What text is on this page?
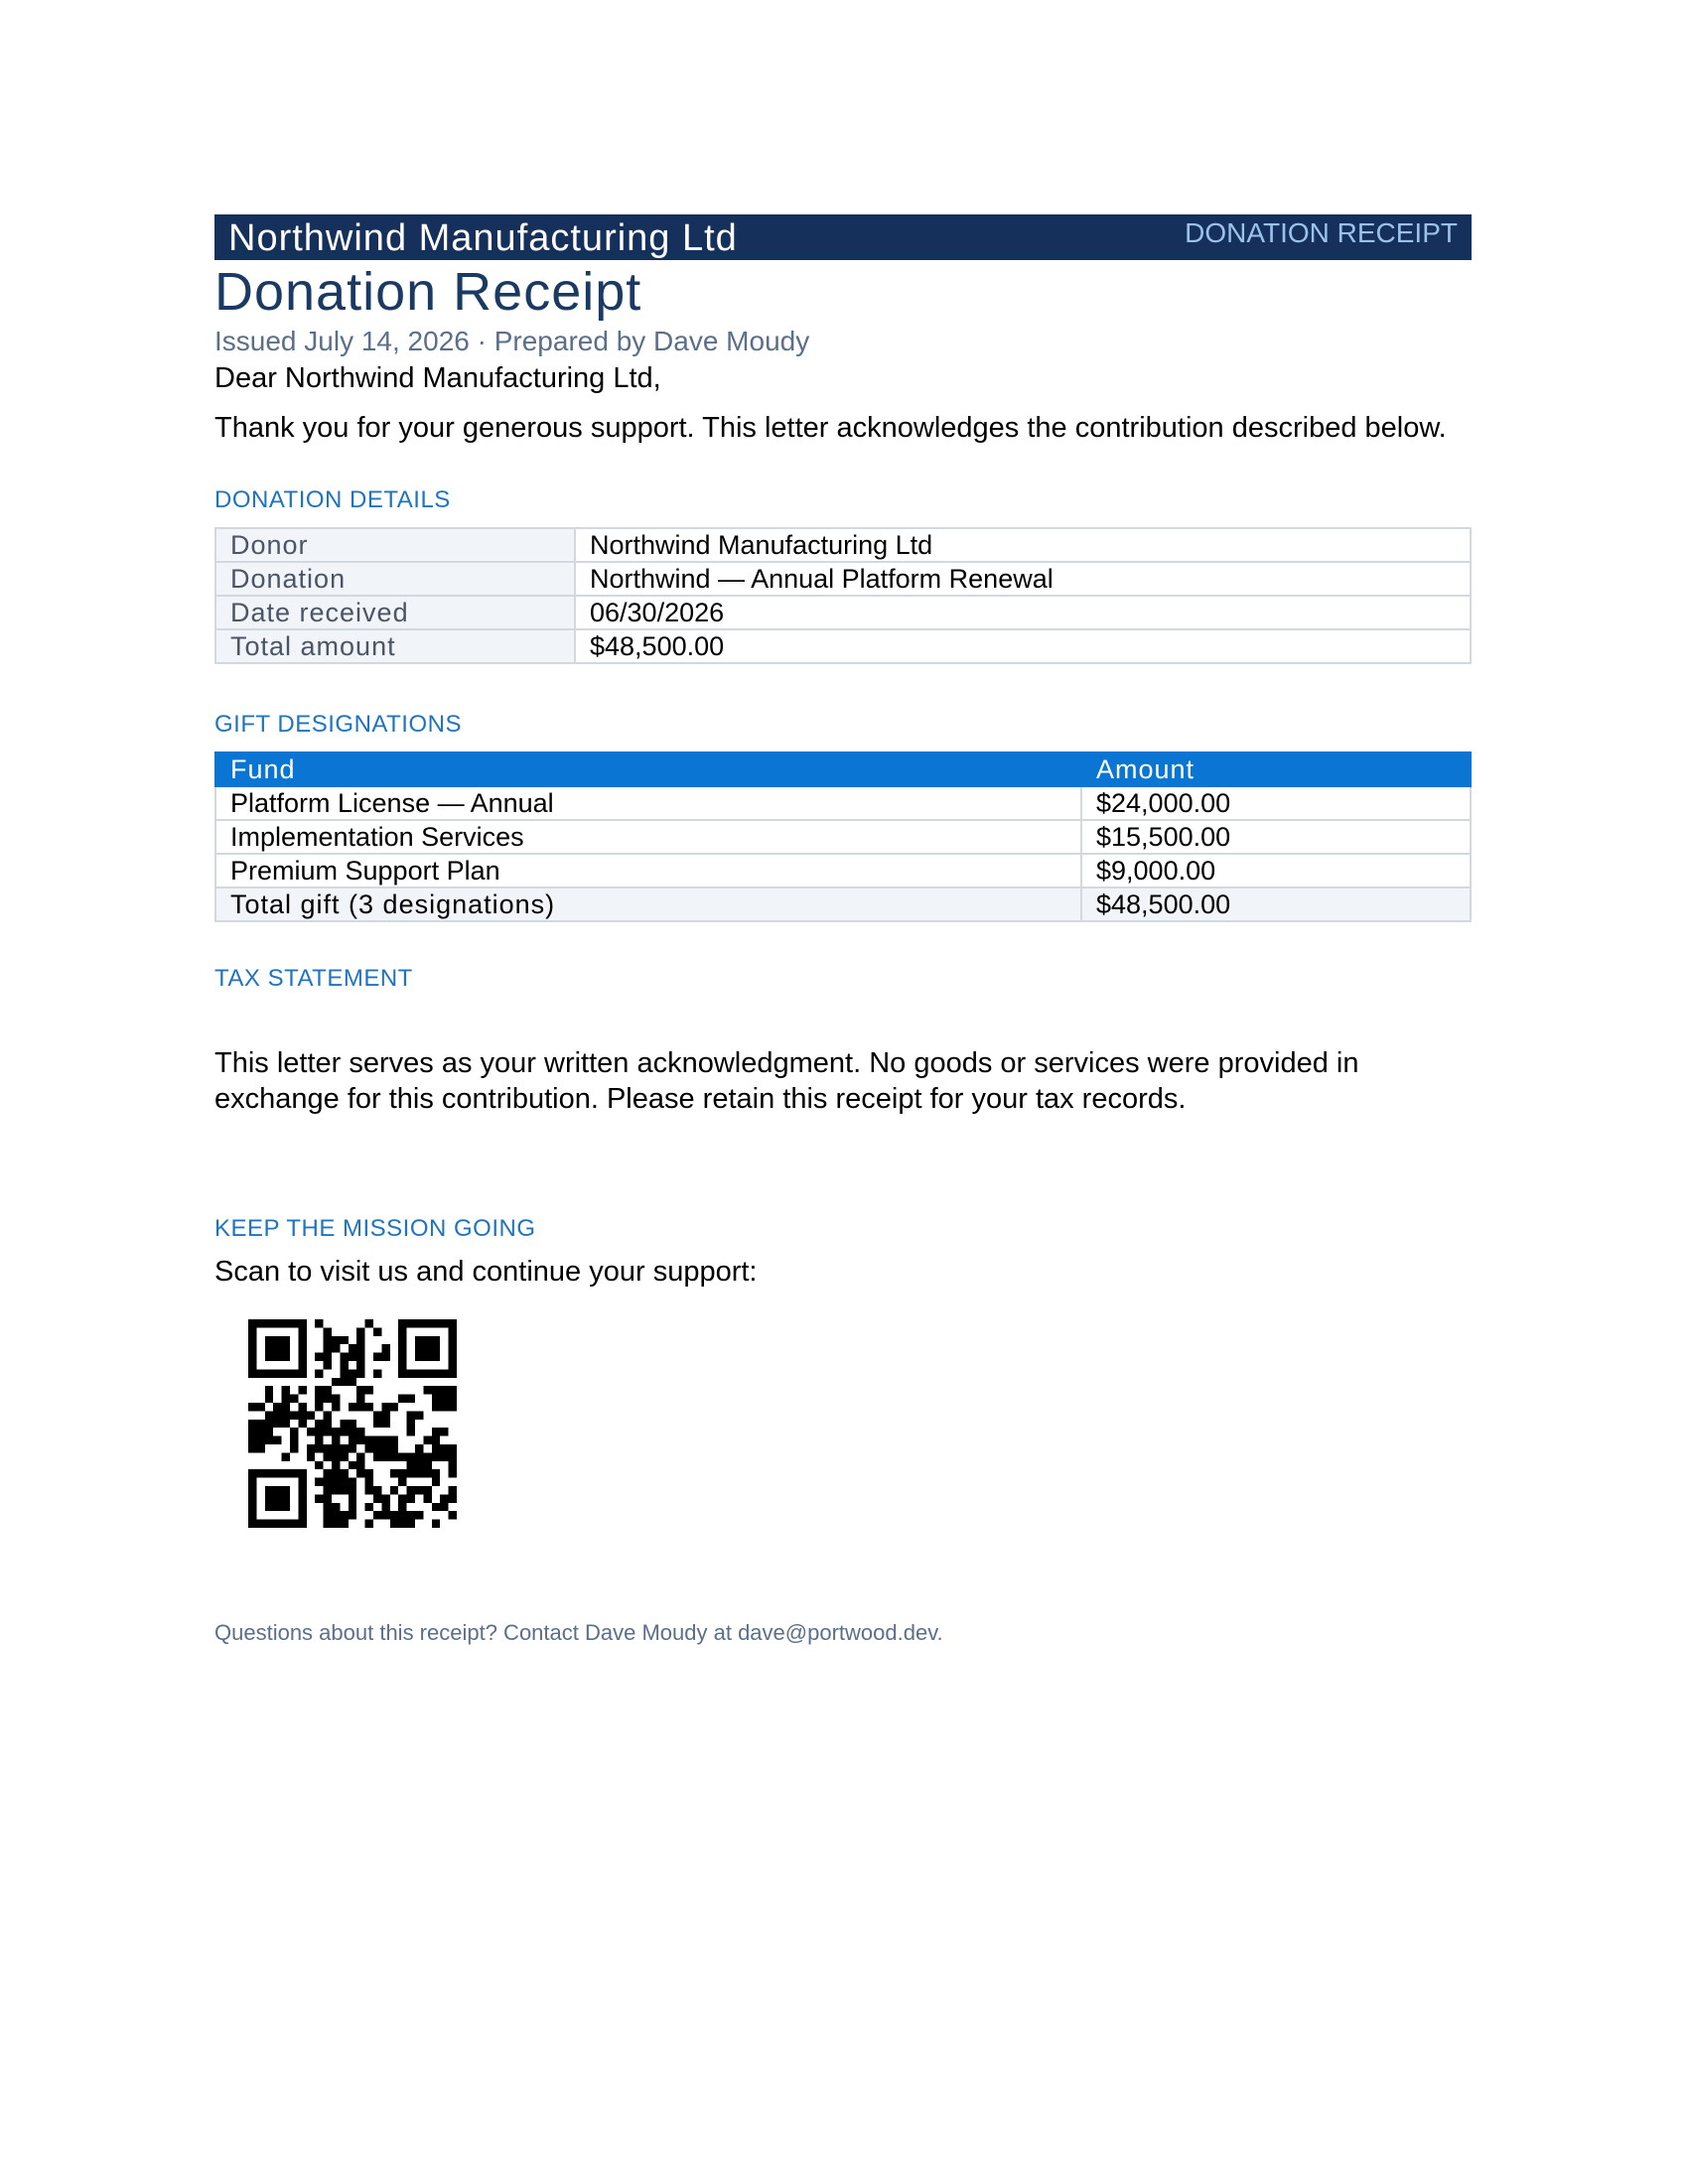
Northwind Manufacturing Ltd	DONATION RECEIPT
Donation Receipt
Issued July 14, 2026 · Prepared by Dave Moudy
Dear Northwind Manufacturing Ltd,
Thank you for your generous support. This letter acknowledges the contribution described below.
DONATION DETAILS
Donor	Northwind Manufacturing Ltd
Donation	Northwind — Annual Platform Renewal
Date received	06/30/2026
Total amount	$48,500.00
GIFT DESIGNATIONS
Fund	Amount
Platform License — Annual	$24,000.00
Implementation Services	$15,500.00
Premium Support Plan	$9,000.00
Total gift (3 designations)	$48,500.00
TAX STATEMENT
This letter serves as your written acknowledgment. No goods or services were provided in exchange for this contribution. Please retain this receipt for your tax records.
KEEP THE MISSION GOING
Scan to visit us and continue your support:
Questions about this receipt? Contact Dave Moudy at dave@portwood.dev.
